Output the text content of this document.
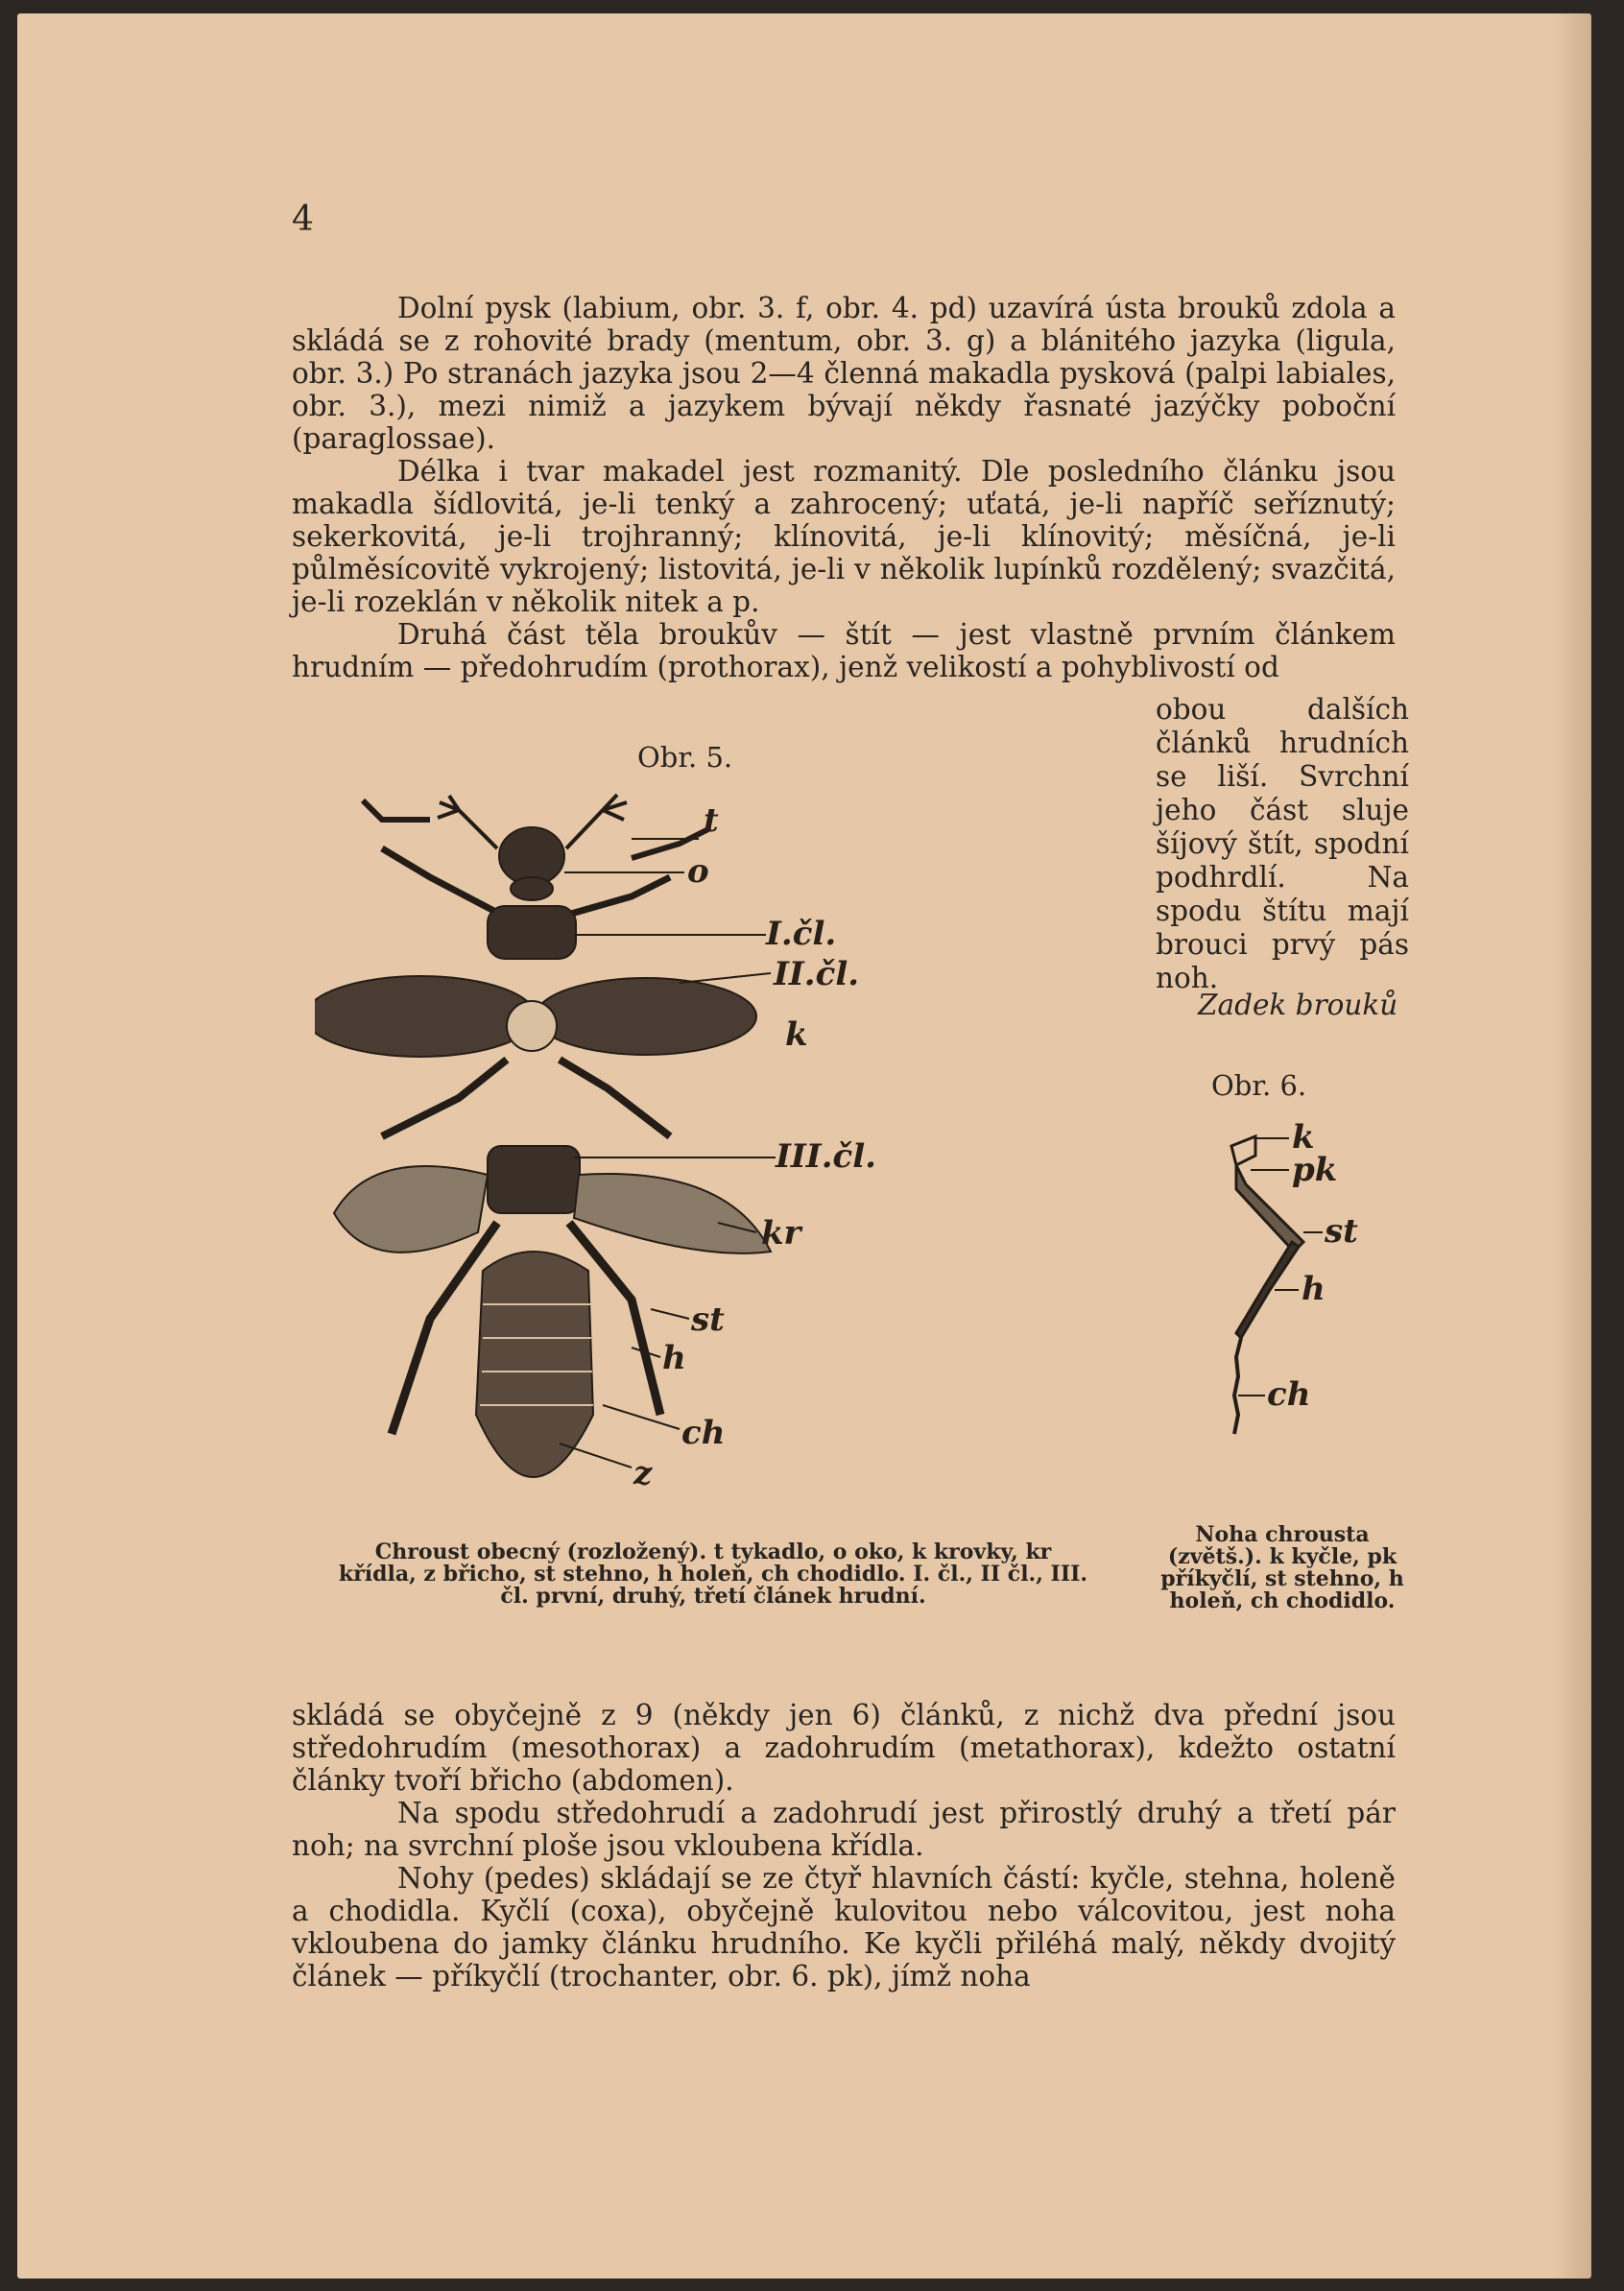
4

Dolní pysk (labium, obr. 3. f, obr. 4. pd) uzavírá ústa brouků zdola a skládá se z rohovité brady (mentum, obr. 3. g) a blánitého jazyka (ligula, obr. 3.) Po stranách jazyka jsou 2—4 členná makadla pysková (palpi labiales, obr. 3.), mezi nimiž a jazykem bývají někdy řasnaté jazýčky poboční (paraglossae).

Délka i tvar makadel jest rozmanitý. Dle posledního článku jsou makadla šídlovitá, je-li tenký a zahrocený; uťatá, je-li napříč seříznutý; sekerkovitá, je-li trojhranný; klínovitá, je-li klínovitý; měsíčná, je-li půlměsícovitě vykrojený; listovitá, je-li v několik lupínků rozdělený; svazčitá, je-li rozeklán v několik nitek a p.

Druhá část těla broukův — štít — jest vlastně prvním článkem hrudním — předohrudím (prothorax), jenž velikostí a pohyblivostí od

obou dalších článků hrudních se liší. Svrchní jeho část sluje šíjový štít, spodní podhrdlí. Na spodu štítu mají brouci prvý pás noh.

Zadek brouků
Obr. 5.
Obr. 6.
t
o
I.čl.
II.čl.
k
III.čl.
kr
st
h
ch
z
k
pk
st
h
ch

Chroust obecný (rozložený). t tykadlo, o oko, k krovky, kr křídla, z břicho, st stehno, h holeň, ch chodidlo. I. čl., II čl., III. čl. první, druhý, třetí článek hrudní.

Noha chrousta (zvětš.). k kyčle, pk příkyčlí, st stehno, h holeň, ch chodidlo.

skládá se obyčejně z 9 (někdy jen 6) článků, z nichž dva přední jsou středohrudím (mesothorax) a zadohrudím (metathorax), kdežto ostatní články tvoří břicho (abdomen).

Na spodu středohrudí a zadohrudí jest přirostlý druhý a třetí pár noh; na svrchní ploše jsou vkloubena křídla.

Nohy (pedes) skládají se ze čtyř hlavních částí: kyčle, stehna, holeně a chodidla. Kyčlí (coxa), obyčejně kulovitou nebo válcovitou, jest noha vkloubena do jamky článku hrudního. Ke kyčli přiléhá malý, někdy dvojitý článek — příkyčlí (trochanter, obr. 6. pk), jímž noha
